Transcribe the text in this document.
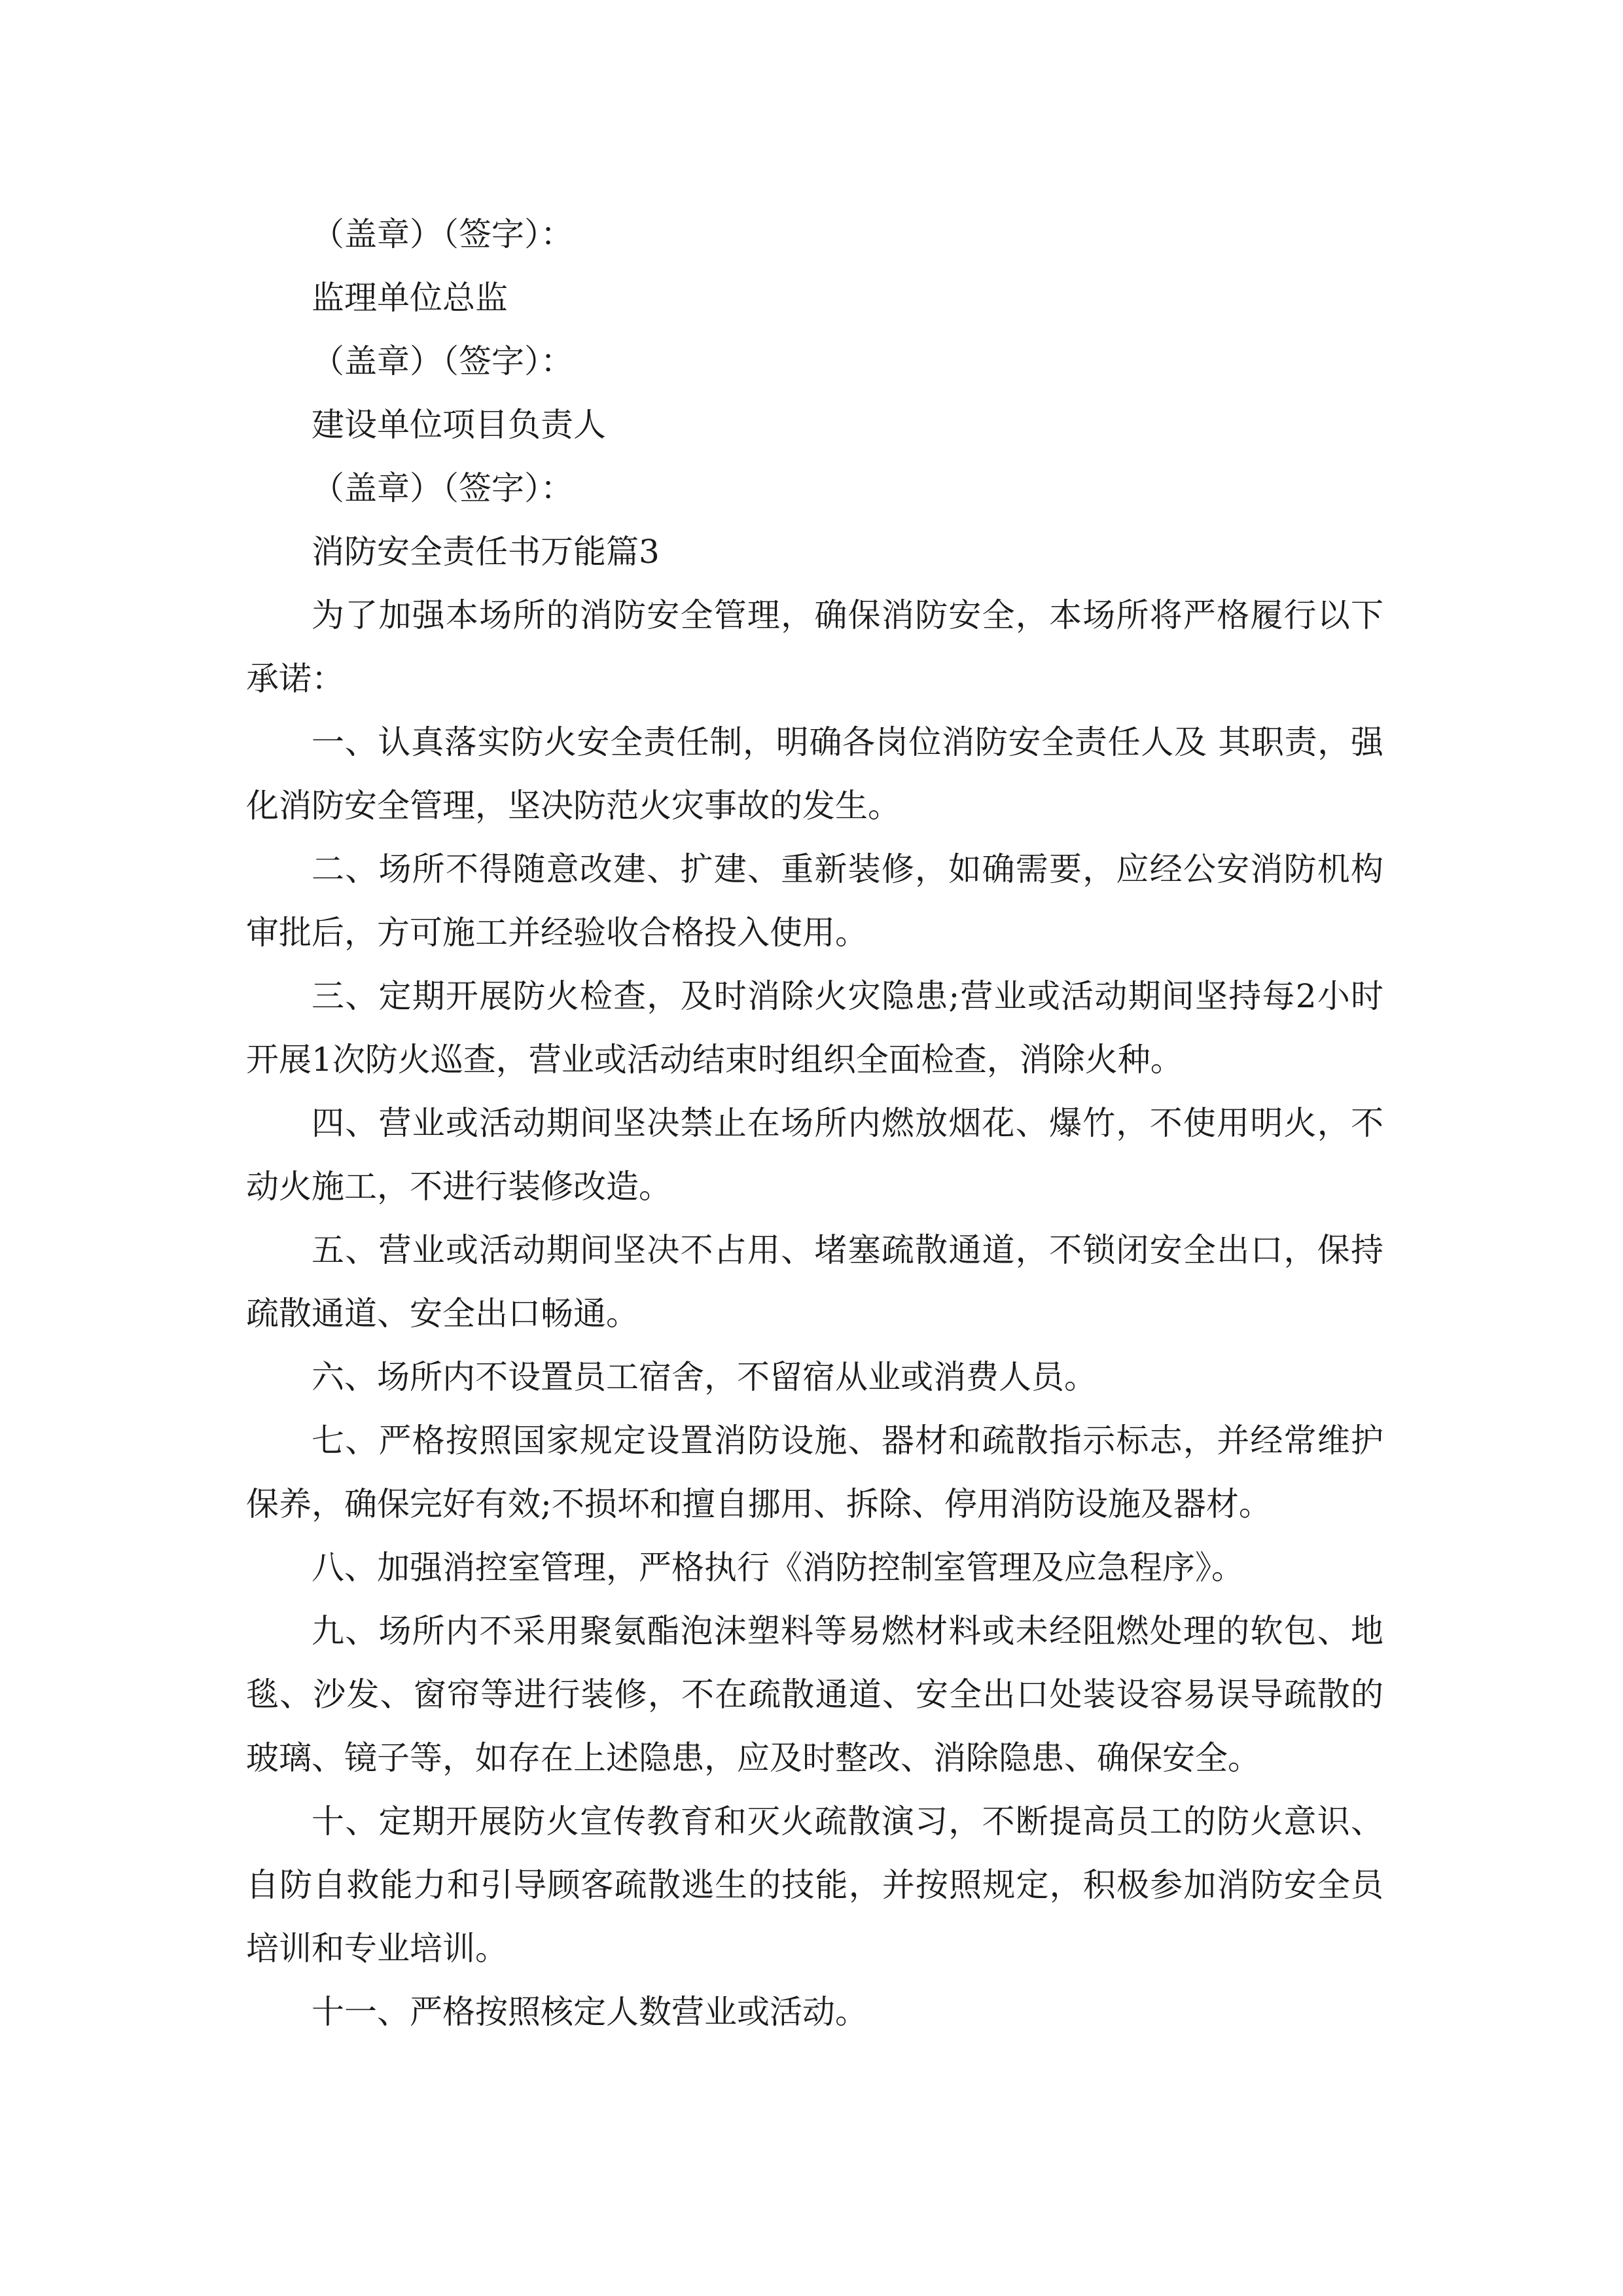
（盖章）（签字）：

监理单位总监

（盖章）（签字）：

建设单位项目负责人

（盖章）（签字）：

消防安全责任书万能篇3

为了加强本场所的消防安全管理，确保消防安全，本场所将严格履行以下承诺：

一、认真落实防火安全责任制，明确各岗位消防安全责任人及 其职责，强化消防安全管理，坚决防范火灾事故的发生。

二、场所不得随意改建、扩建、重新装修，如确需要，应经公安消防机构审批后，方可施工并经验收合格投入使用。

三、定期开展防火检查，及时消除火灾隐患;营业或活动期间坚持每2小时开展1次防火巡查，营业或活动结束时组织全面检查，消除火种。

四、营业或活动期间坚决禁止在场所内燃放烟花、爆竹，不使用明火，不动火施工，不进行装修改造。

五、营业或活动期间坚决不占用、堵塞疏散通道，不锁闭安全出口，保持疏散通道、安全出口畅通。

六、场所内不设置员工宿舍，不留宿从业或消费人员。

七、严格按照国家规定设置消防设施、器材和疏散指示标志，并经常维护保养，确保完好有效;不损坏和擅自挪用、拆除、停用消防设施及器材。

八、加强消控室管理，严格执行《消防控制室管理及应急程序》。

九、场所内不采用聚氨酯泡沫塑料等易燃材料或未经阻燃处理的软包、地毯、沙发、窗帘等进行装修，不在疏散通道、安全出口处装设容易误导疏散的玻璃、镜子等，如存在上述隐患，应及时整改、消除隐患、确保安全。

十、定期开展防火宣传教育和灭火疏散演习，不断提高员工的防火意识、自防自救能力和引导顾客疏散逃生的技能，并按照规定，积极参加消防安全员培训和专业培训。

十一、严格按照核定人数营业或活动。
